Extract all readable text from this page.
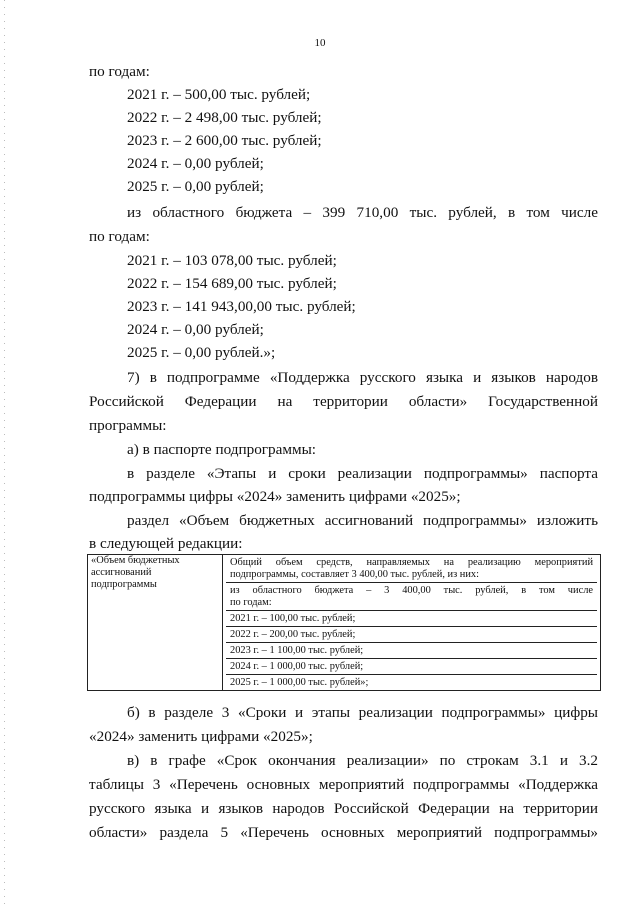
10
по годам:
2021 г. – 500,00 тыс. рублей;
2022 г. – 2 498,00 тыс. рублей;
2023 г. – 2 600,00 тыс. рублей;
2024 г. – 0,00 рублей;
2025 г. – 0,00 рублей;
из областного бюджета – 399 710,00 тыс. рублей, в том числе
по годам:
2021 г. – 103 078,00 тыс. рублей;
2022 г. – 154 689,00 тыс. рублей;
2023 г. – 141 943,00,00 тыс. рублей;
2024 г. – 0,00 рублей;
2025 г. – 0,00 рублей.»;
7) в подпрограмме «Поддержка русского языка и языков народов
Российской Федерации на территории области» Государственной
программы:
а) в паспорте подпрограммы:
в разделе «Этапы и сроки реализации подпрограммы» паспорта
подпрограммы цифры «2024» заменить цифрами «2025»;
раздел «Объем бюджетных ассигнований подпрограммы» изложить
в следующей редакции:
«Объем бюджетных
ассигнований
подпрограммы

Общий объем средств, направляемых на реализацию мероприятий
подпрограммы, составляет 3 400,00 тыс. рублей, из них:
из областного бюджета – 3 400,00 тыс. рублей, в том числе
по годам:
2021 г. – 100,00 тыс. рублей;
2022 г. – 200,00 тыс. рублей;
2023 г. – 1 100,00 тыс. рублей;
2024 г. – 1 000,00 тыс. рублей;
2025 г. – 1 000,00 тыс. рублей»;
б) в разделе 3 «Сроки и этапы реализации подпрограммы» цифры
«2024» заменить цифрами «2025»;
в) в графе «Срок окончания реализации» по строкам 3.1 и 3.2
таблицы 3 «Перечень основных мероприятий подпрограммы «Поддержка
русского языка и языков народов Российской Федерации на территории
области» раздела 5 «Перечень основных мероприятий подпрограммы»
